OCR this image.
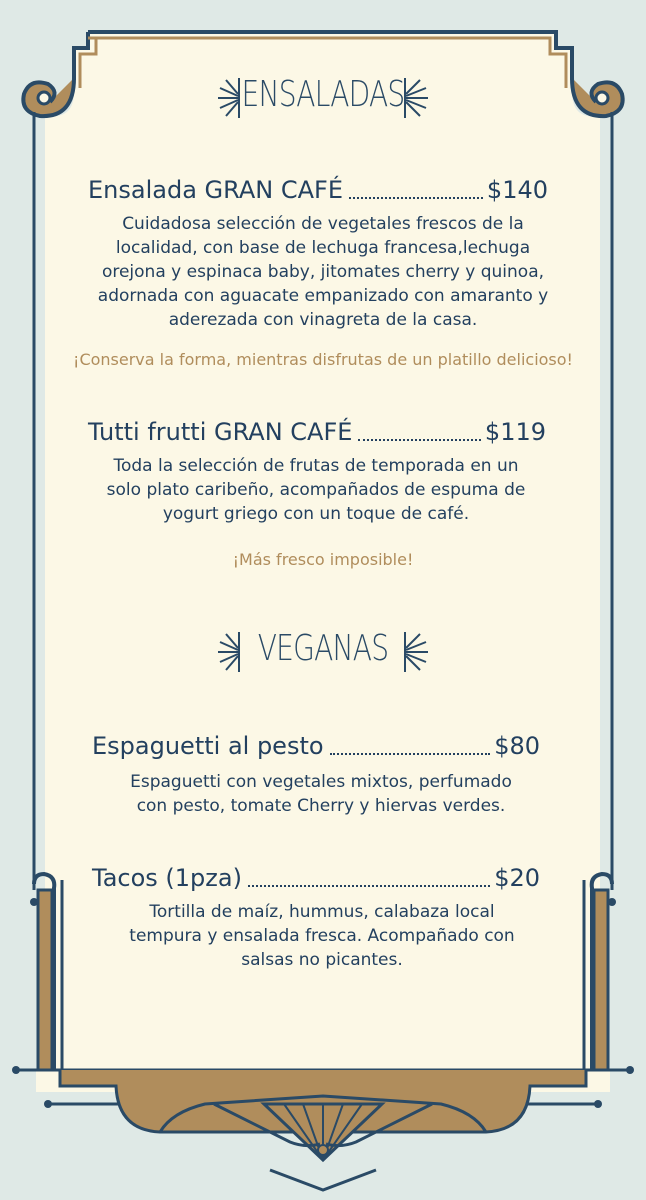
ENSALADAS
Ensalada GRAN CAFÉ	$140
Cuidadosa selección de vegetales frescos de la localidad, con base de lechuga francesa,lechuga orejona y espinaca baby, jitomates cherry y quinoa, adornada con aguacate empanizado con amaranto y aderezada con vinagreta de la casa.
¡Conserva la forma, mientras disfrutas de un platillo delicioso!
Tutti frutti GRAN CAFÉ	$119
Toda la selección de frutas de temporada en un solo plato caribeño, acompañados de espuma de yogurt griego con un toque de café.
¡Más fresco imposible!
VEGANAS
Espaguetti al pesto	$80
Espaguetti con vegetales mixtos, perfumado con pesto, tomate Cherry y hiervas verdes.
Tacos (1pza)	$20
Tortilla de maíz, hummus, calabaza local tempura y ensalada fresca. Acompañado con salsas no picantes.
